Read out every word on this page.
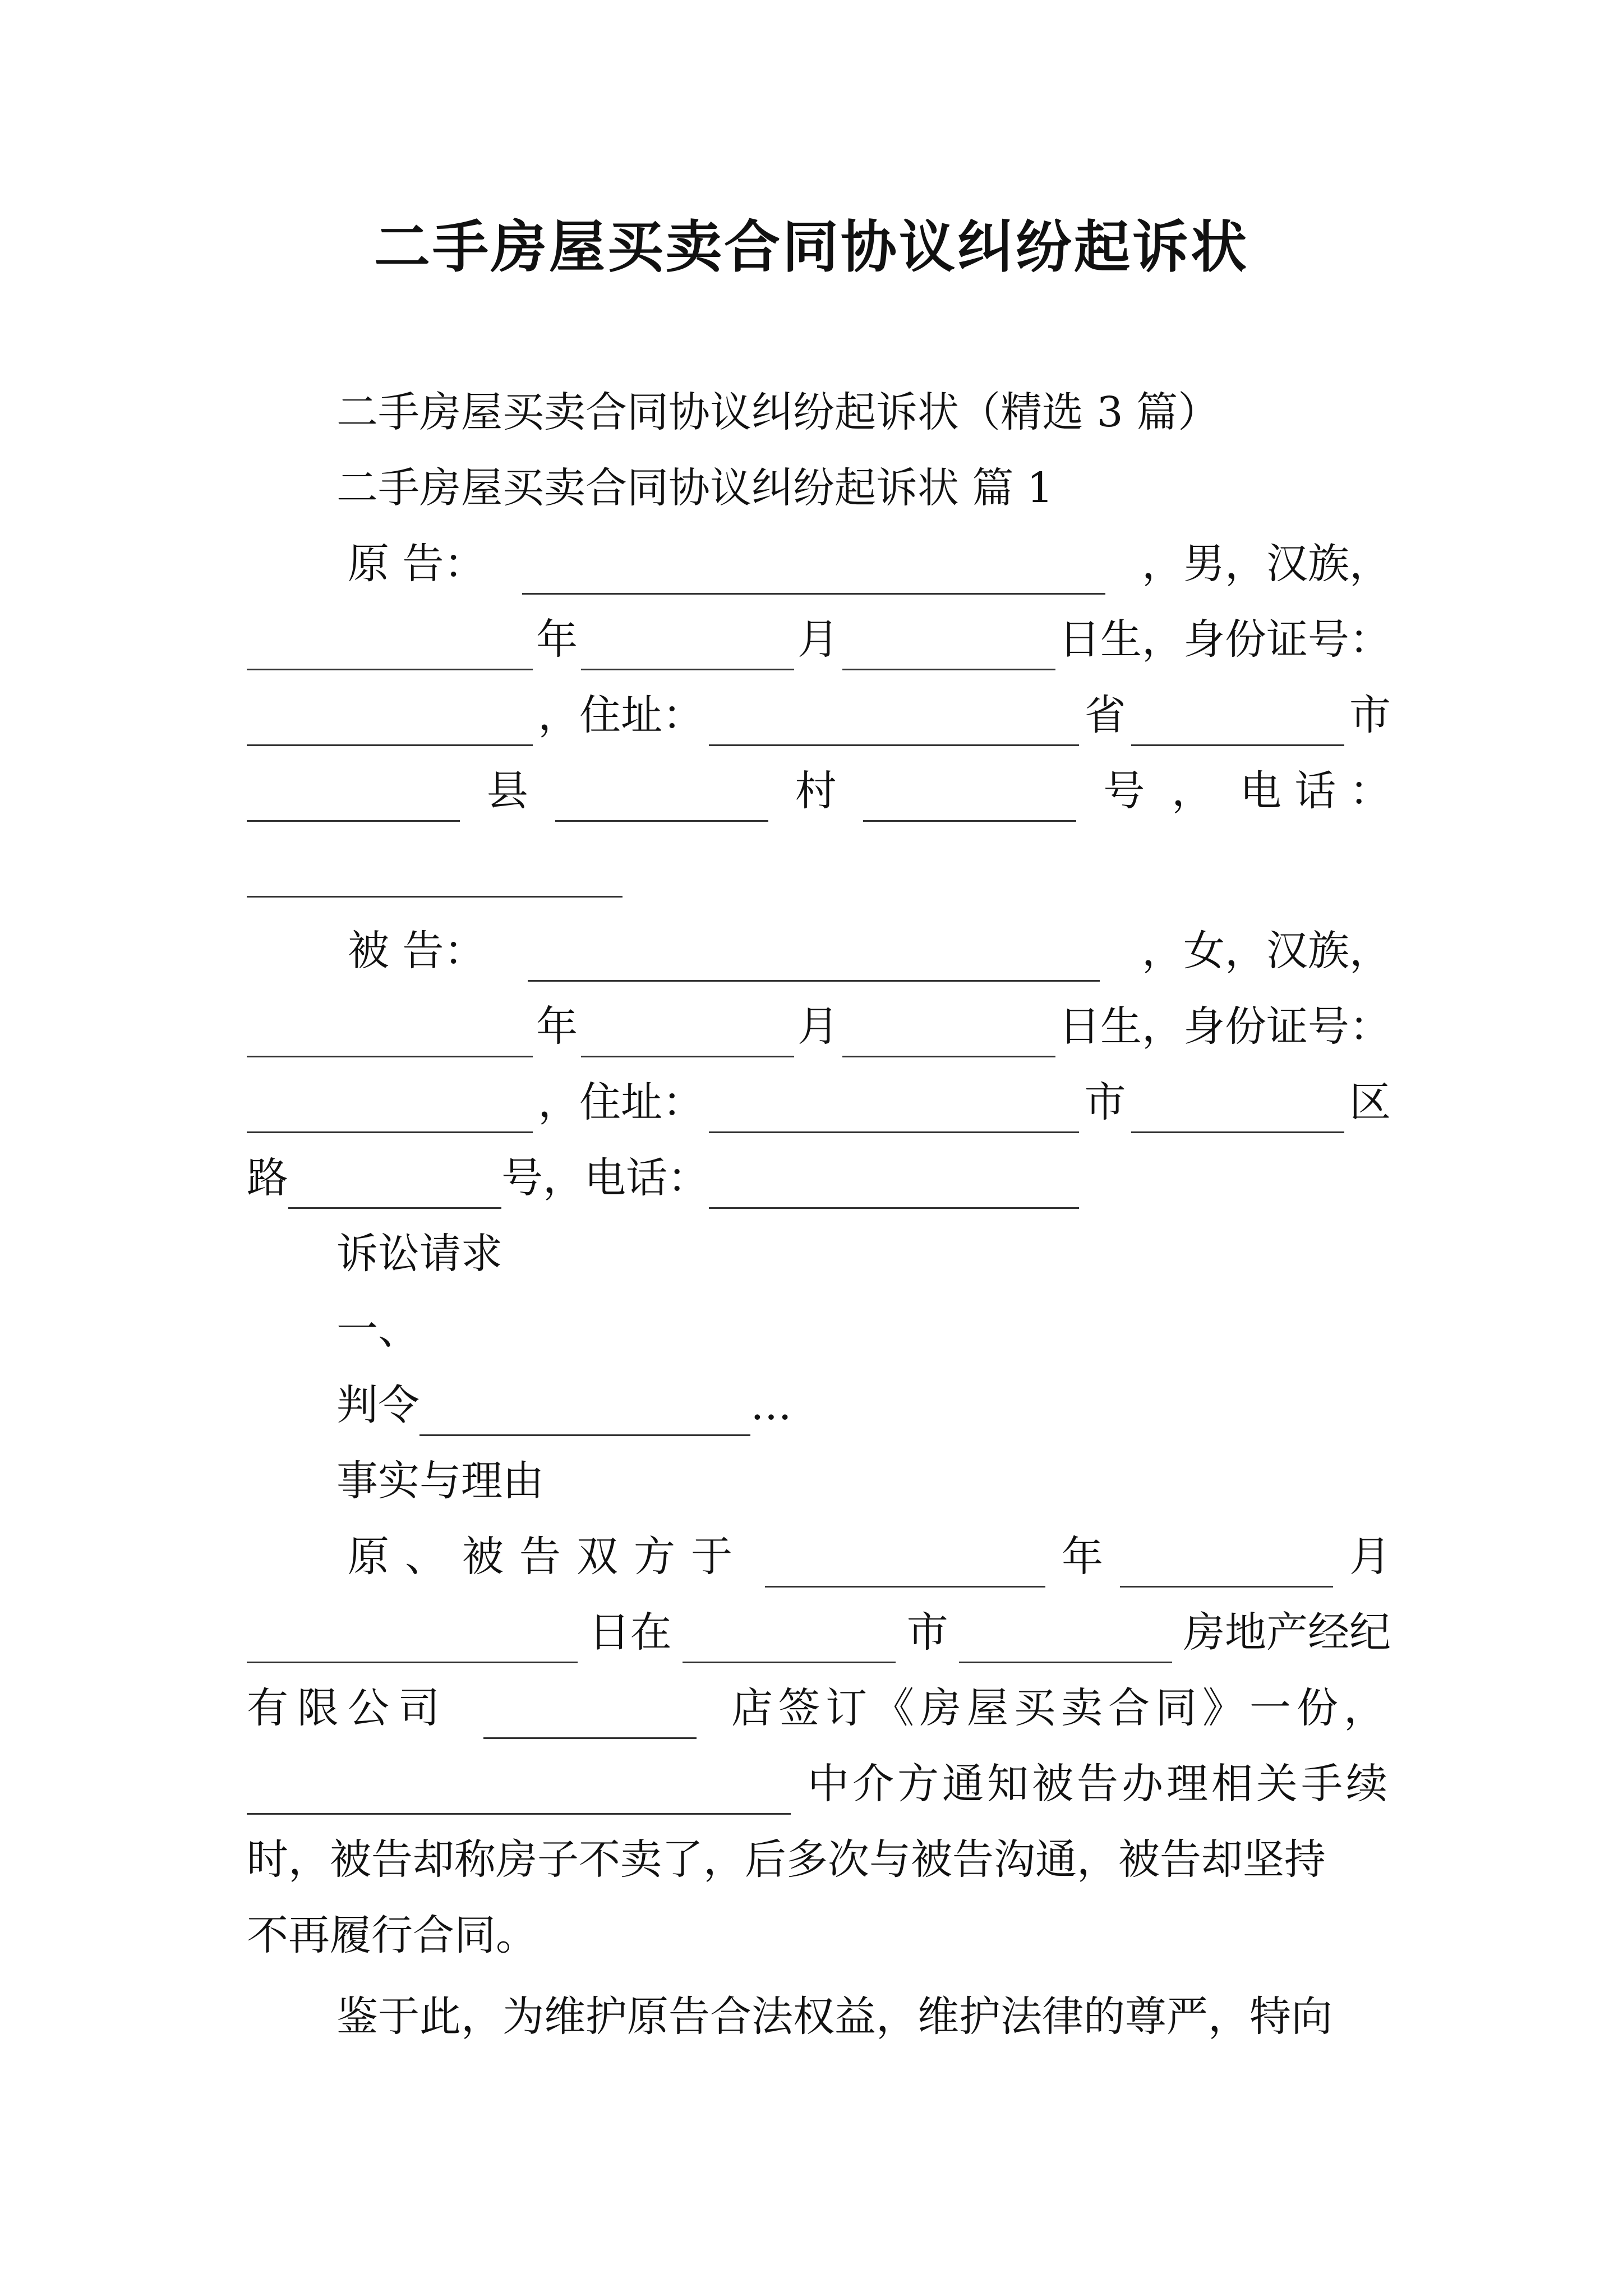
二手房屋买卖合同协议纠纷起诉状
二手房屋买卖合同协议纠纷起诉状（精选 3 篇）
二手房屋买卖合同协议纠纷起诉状 篇 1
原 告：	，男，汉族，
年	月	日生，身份证号：
，住址：	省	市
县	村	号 ， 电 话 ：
被 告：	，女，汉族，
年	月	日生，身份证号：
，住址：	市	区
路	号，电话：
诉讼请求
一、
判令	…
事实与理由
原、被告双方于	年	月
日在	市	房地产经纪
有限公司	店签订《房屋买卖合同》一份，
中介方通知被告办理相关手续
时，被告却称房子不卖了，后多次与被告沟通，被告却坚持
不再履行合同。
鉴于此，为维护原告合法权益，维护法律的尊严，特向
